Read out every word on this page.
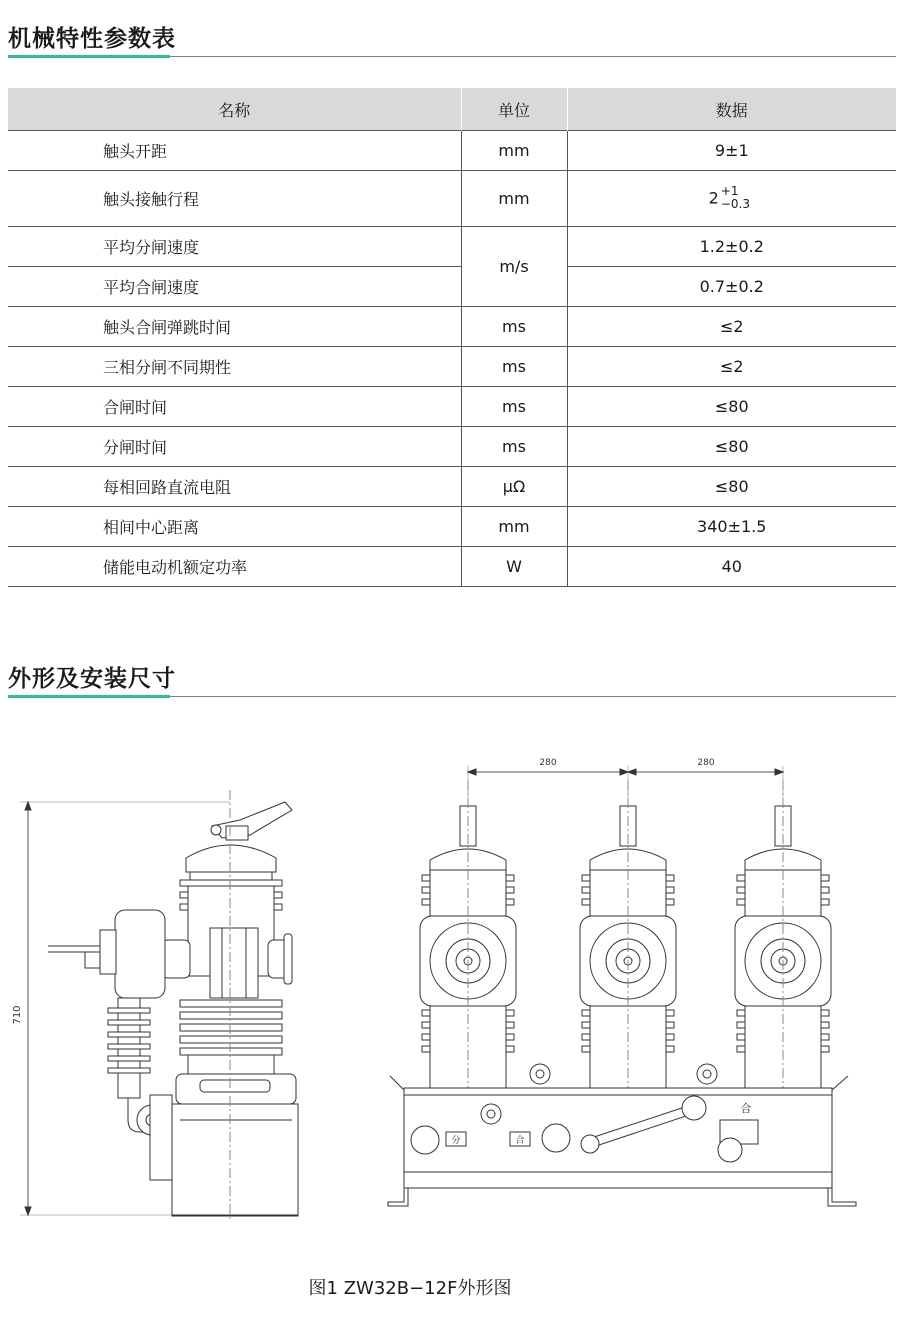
机械特性参数表
名称	单位	数据
触头开距	mm	9±1
触头接触行程	mm	2 +1
−0.3

平均分闸速度	m/s	1.2±0.2
平均合闸速度		0.7±0.2
触头合闸弹跳时间	ms	≤2
三相分闸不同期性	ms	≤2
合闸时间	ms	≤80
分闸时间	ms	≤80
每相回路直流电阻	μΩ	≤80
相间中心距离	mm	340±1.5
储能电动机额定功率	W	40
外形及安装尺寸
710
280	280
分	合
合
图1 ZW32B−12F外形图
